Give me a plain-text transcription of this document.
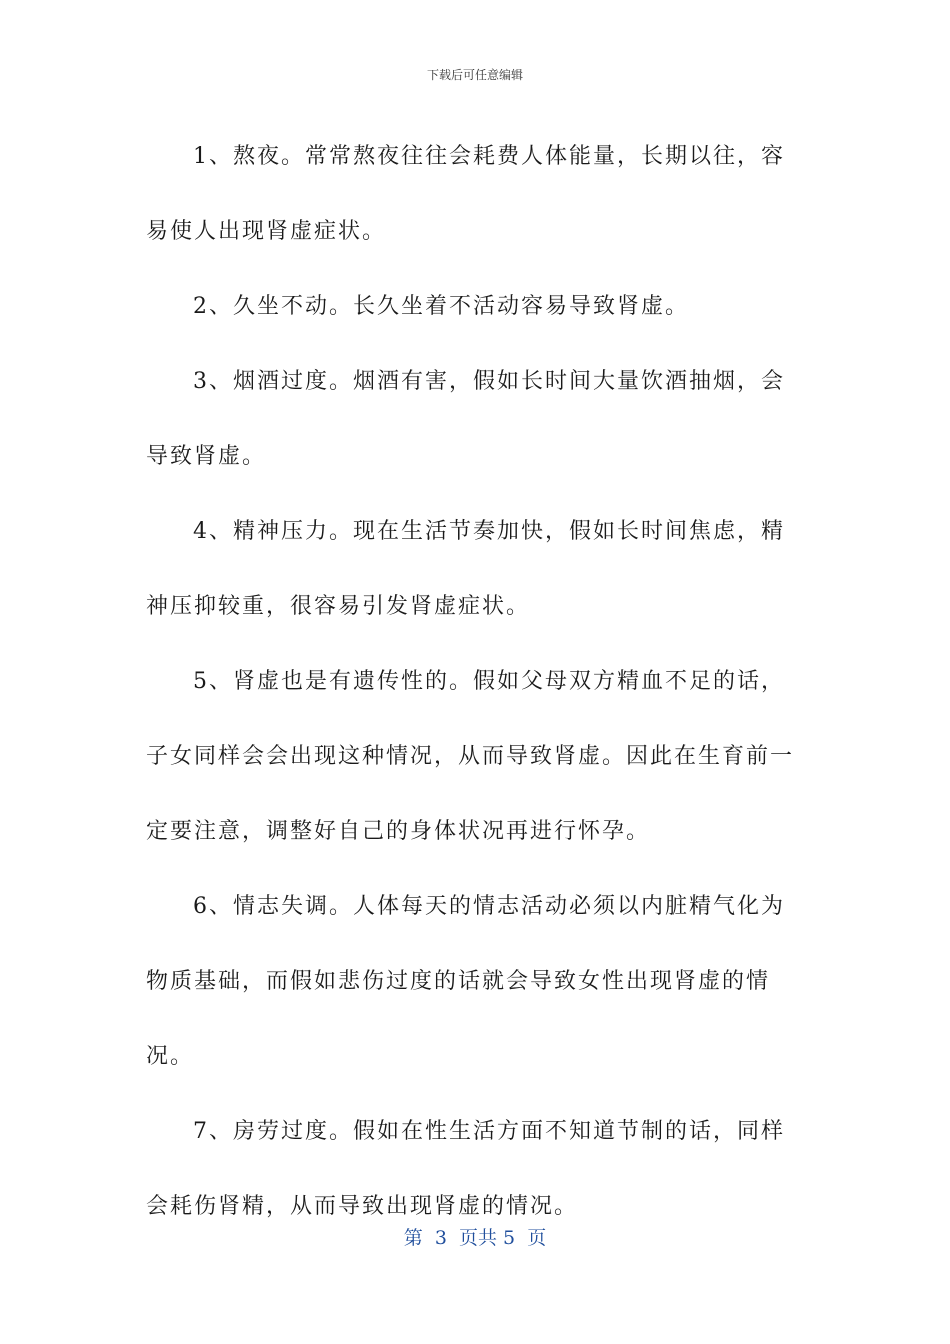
下载后可任意编辑

1、熬夜。常常熬夜往往会耗费人体能量，长期以往，容易使人出现肾虚症状。

2、久坐不动。长久坐着不活动容易导致肾虚。

3、烟酒过度。烟酒有害，假如长时间大量饮酒抽烟，会导致肾虚。

4、精神压力。现在生活节奏加快，假如长时间焦虑，精神压抑较重，很容易引发肾虚症状。

5、肾虚也是有遗传性的。假如父母双方精血不足的话，子女同样会会出现这种情况，从而导致肾虚。因此在生育前一定要注意，调整好自己的身体状况再进行怀孕。

6、情志失调。人体每天的情志活动必须以内脏精气化为物质基础，而假如悲伤过度的话就会导致女性出现肾虚的情况。

7、房劳过度。假如在性生活方面不知道节制的话，同样会耗伤肾精，从而导致出现肾虚的情况。

第  3  页共 5  页
